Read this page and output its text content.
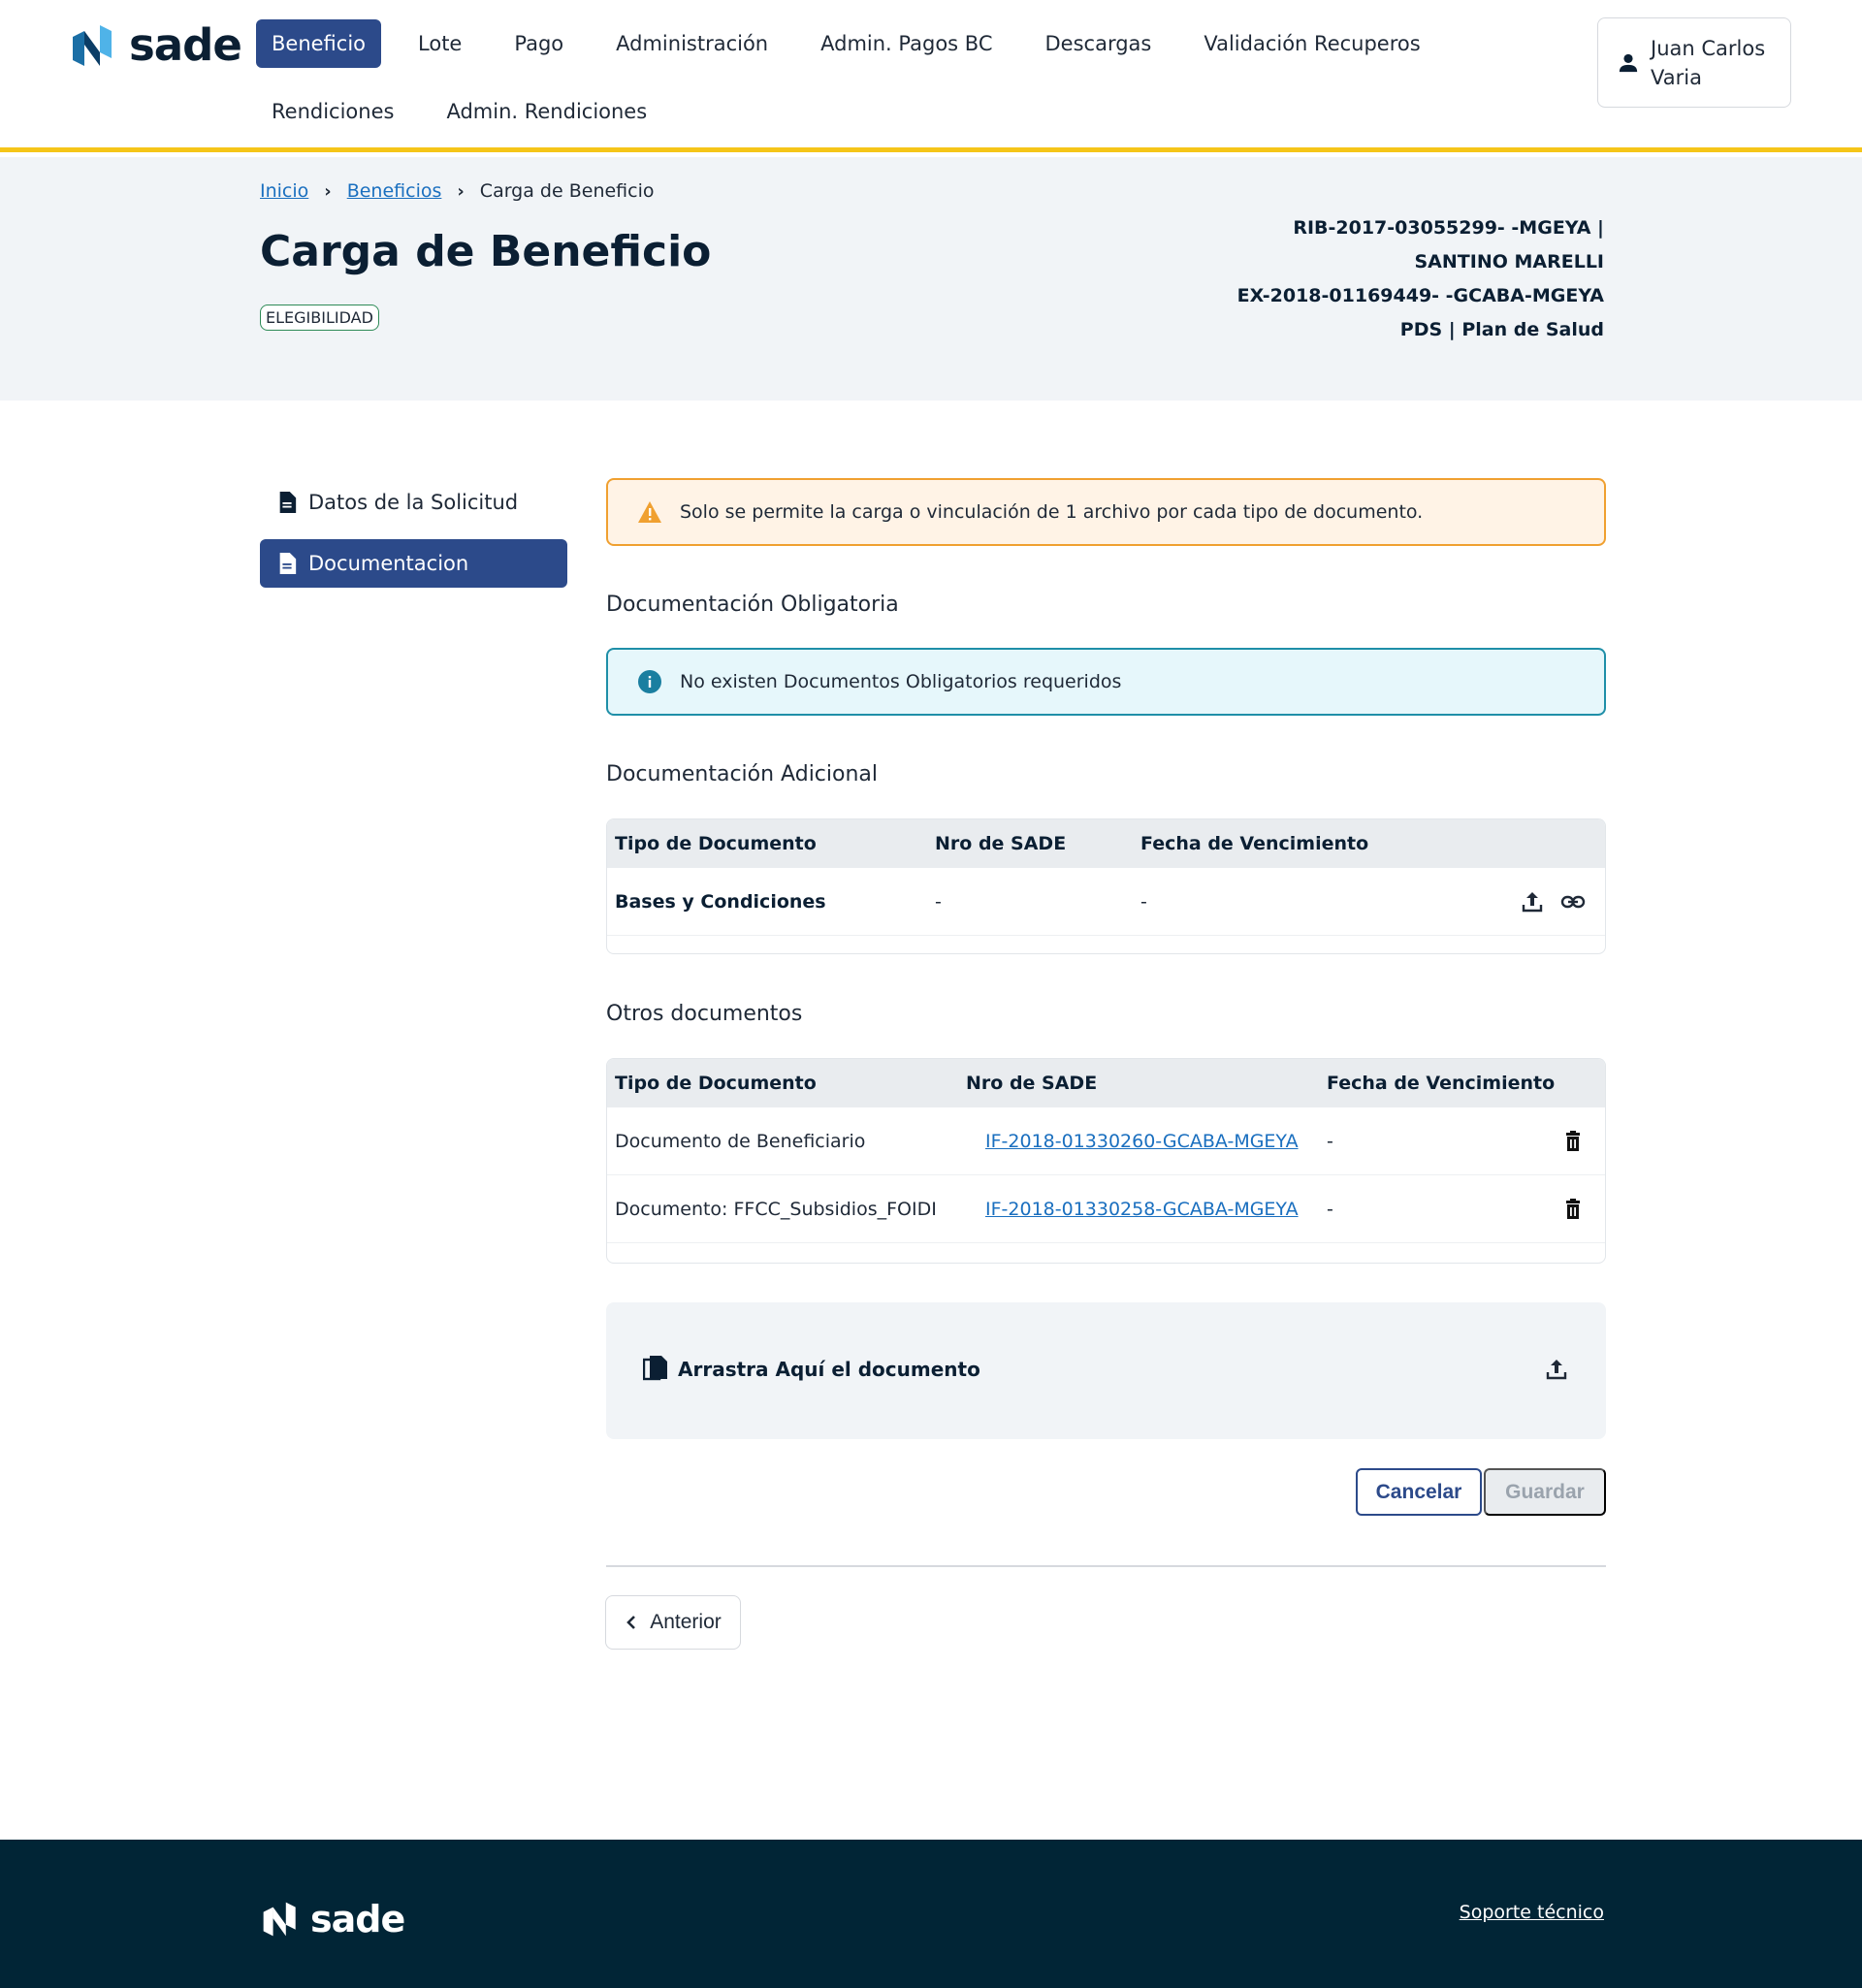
sade	Beneficio	Lote	Pago	Administración	Admin. Pagos BC	Descargas	Validación Recuperos
Rendiciones	Admin. Rendiciones
Juan Carlos Varia
Inicio › Beneficios › Carga de Beneficio
Carga de Beneficio
ELEGIBILIDAD
RIB-2017-03055299- -MGEYA | SANTINO MARELLI
EX-2018-01169449- -GCABA-MGEYA
PDS | Plan de Salud
Datos de la Solicitud
Documentacion
Solo se permite la carga o vinculación de 1 archivo por cada tipo de documento.
Documentación Obligatoria
No existen Documentos Obligatorios requeridos
Documentación Adicional
Tipo de Documento	Nro de SADE	Fecha de Vencimiento
Bases y Condiciones	-	-
Otros documentos
Tipo de Documento	Nro de SADE	Fecha de Vencimiento
Documento de Beneficiario	IF-2018-01330260-GCABA-MGEYA	-
Documento: FFCC_Subsidios_FOIDI	IF-2018-01330258-GCABA-MGEYA	-
Arrastra Aquí el documento
Cancelar	Guardar
Anterior
sade	Soporte técnico
